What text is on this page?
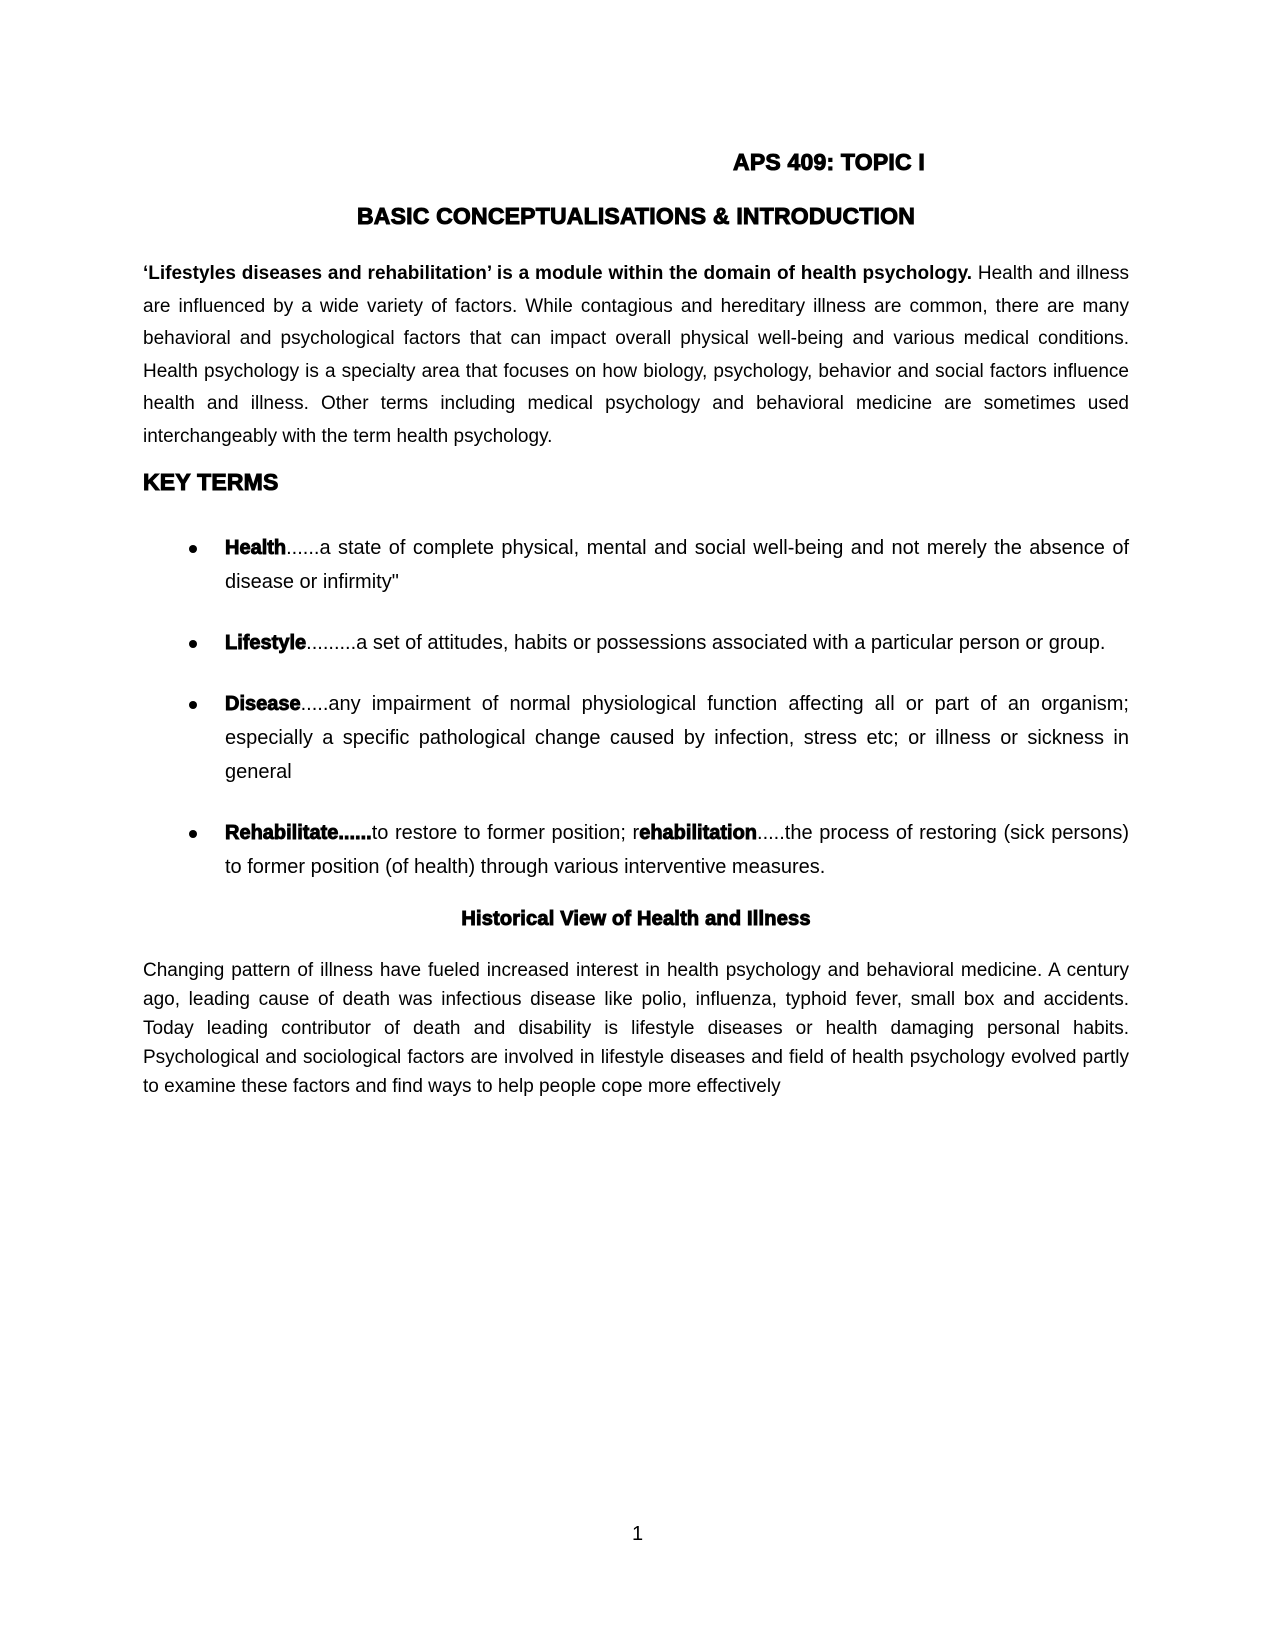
APS 409: TOPIC I
BASIC CONCEPTUALISATIONS & INTRODUCTION

‘Lifestyles diseases and rehabilitation’ is a module within the domain of health psychology. Health and illness are influenced by a wide variety of factors. While contagious and hereditary illness are common, there are many behavioral and psychological factors that can impact overall physical well-being and various medical conditions. Health psychology is a specialty area that focuses on how biology, psychology, behavior and social factors influence health and illness. Other terms including medical psychology and behavioral medicine are sometimes used interchangeably with the term health psychology.

KEY TERMS
Health......a state of complete physical, mental and social well-being and not merely the absence of disease or infirmity"
Lifestyle.........a set of attitudes, habits or possessions associated with a particular person or group.
Disease.....any impairment of normal physiological function affecting all or part of an organism; especially a specific pathological change caused by infection, stress etc; or illness or sickness in general
Rehabilitate......to restore to former position; rehabilitation.....the process of restoring (sick persons) to former position (of health) through various interventive measures.
Historical View of Health and Illness

Changing pattern of illness have fueled increased interest in health psychology and behavioral medicine. A century ago, leading cause of death was infectious disease like polio, influenza, typhoid fever, small box and accidents. Today leading contributor of death and disability is lifestyle diseases or health damaging personal habits. Psychological and sociological factors are involved in lifestyle diseases and field of health psychology evolved partly to examine these factors and find ways to help people cope more effectively

1
